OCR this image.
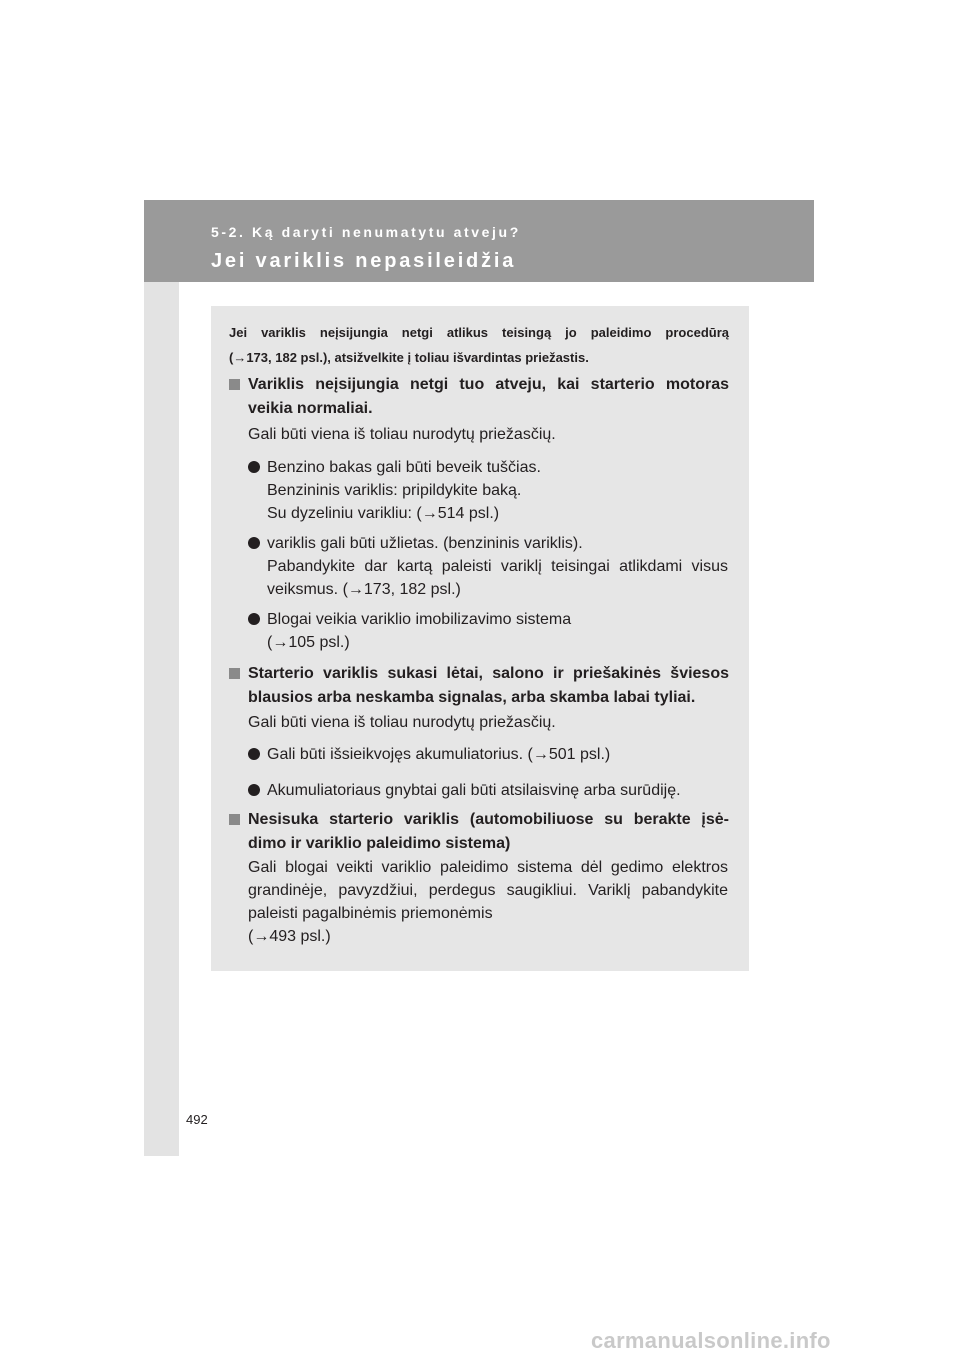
5-2. Ką daryti nenumatytu atveju?
Jei variklis nepasileidžia
Jei variklis neįsijungia netgi atlikus teisingą jo paleidimo procedūrą
(→173, 182 psl.), atsižvelkite į toliau išvardintas priežastis.
Variklis neįsijungia netgi tuo atveju, kai starterio motoras
veikia normaliai.
Gali būti viena iš toliau nurodytų priežasčių.
Benzino bakas gali būti beveik tuščias.
Benzininis variklis: pripildykite baką.
Su dyzeliniu varikliu: (→514 psl.)
variklis gali būti užlietas. (benzininis variklis).
Pabandykite dar kartą paleisti variklį teisingai atlikdami visus
veiksmus. (→173, 182 psl.)
Blogai veikia variklio imobilizavimo sistema
(→105 psl.)
Starterio variklis sukasi lėtai, salono ir priešakinės šviesos
blausios arba neskamba signalas, arba skamba labai tyliai.
Gali būti viena iš toliau nurodytų priežasčių.
Gali būti išsieikvojęs akumuliatorius. (→501 psl.)
Akumuliatoriaus gnybtai gali būti atsilaisvinę arba surūdiję.
Nesisuka starterio variklis (automobiliuose su berakte įsė-
dimo ir variklio paleidimo sistema)
Gali blogai veikti variklio paleidimo sistema dėl gedimo elektros
grandinėje, pavyzdžiui, perdegus saugikliui. Variklį pabandykite
paleisti pagalbinėmis priemonėmis
(→493 psl.)
492
carmanualsonline.info
